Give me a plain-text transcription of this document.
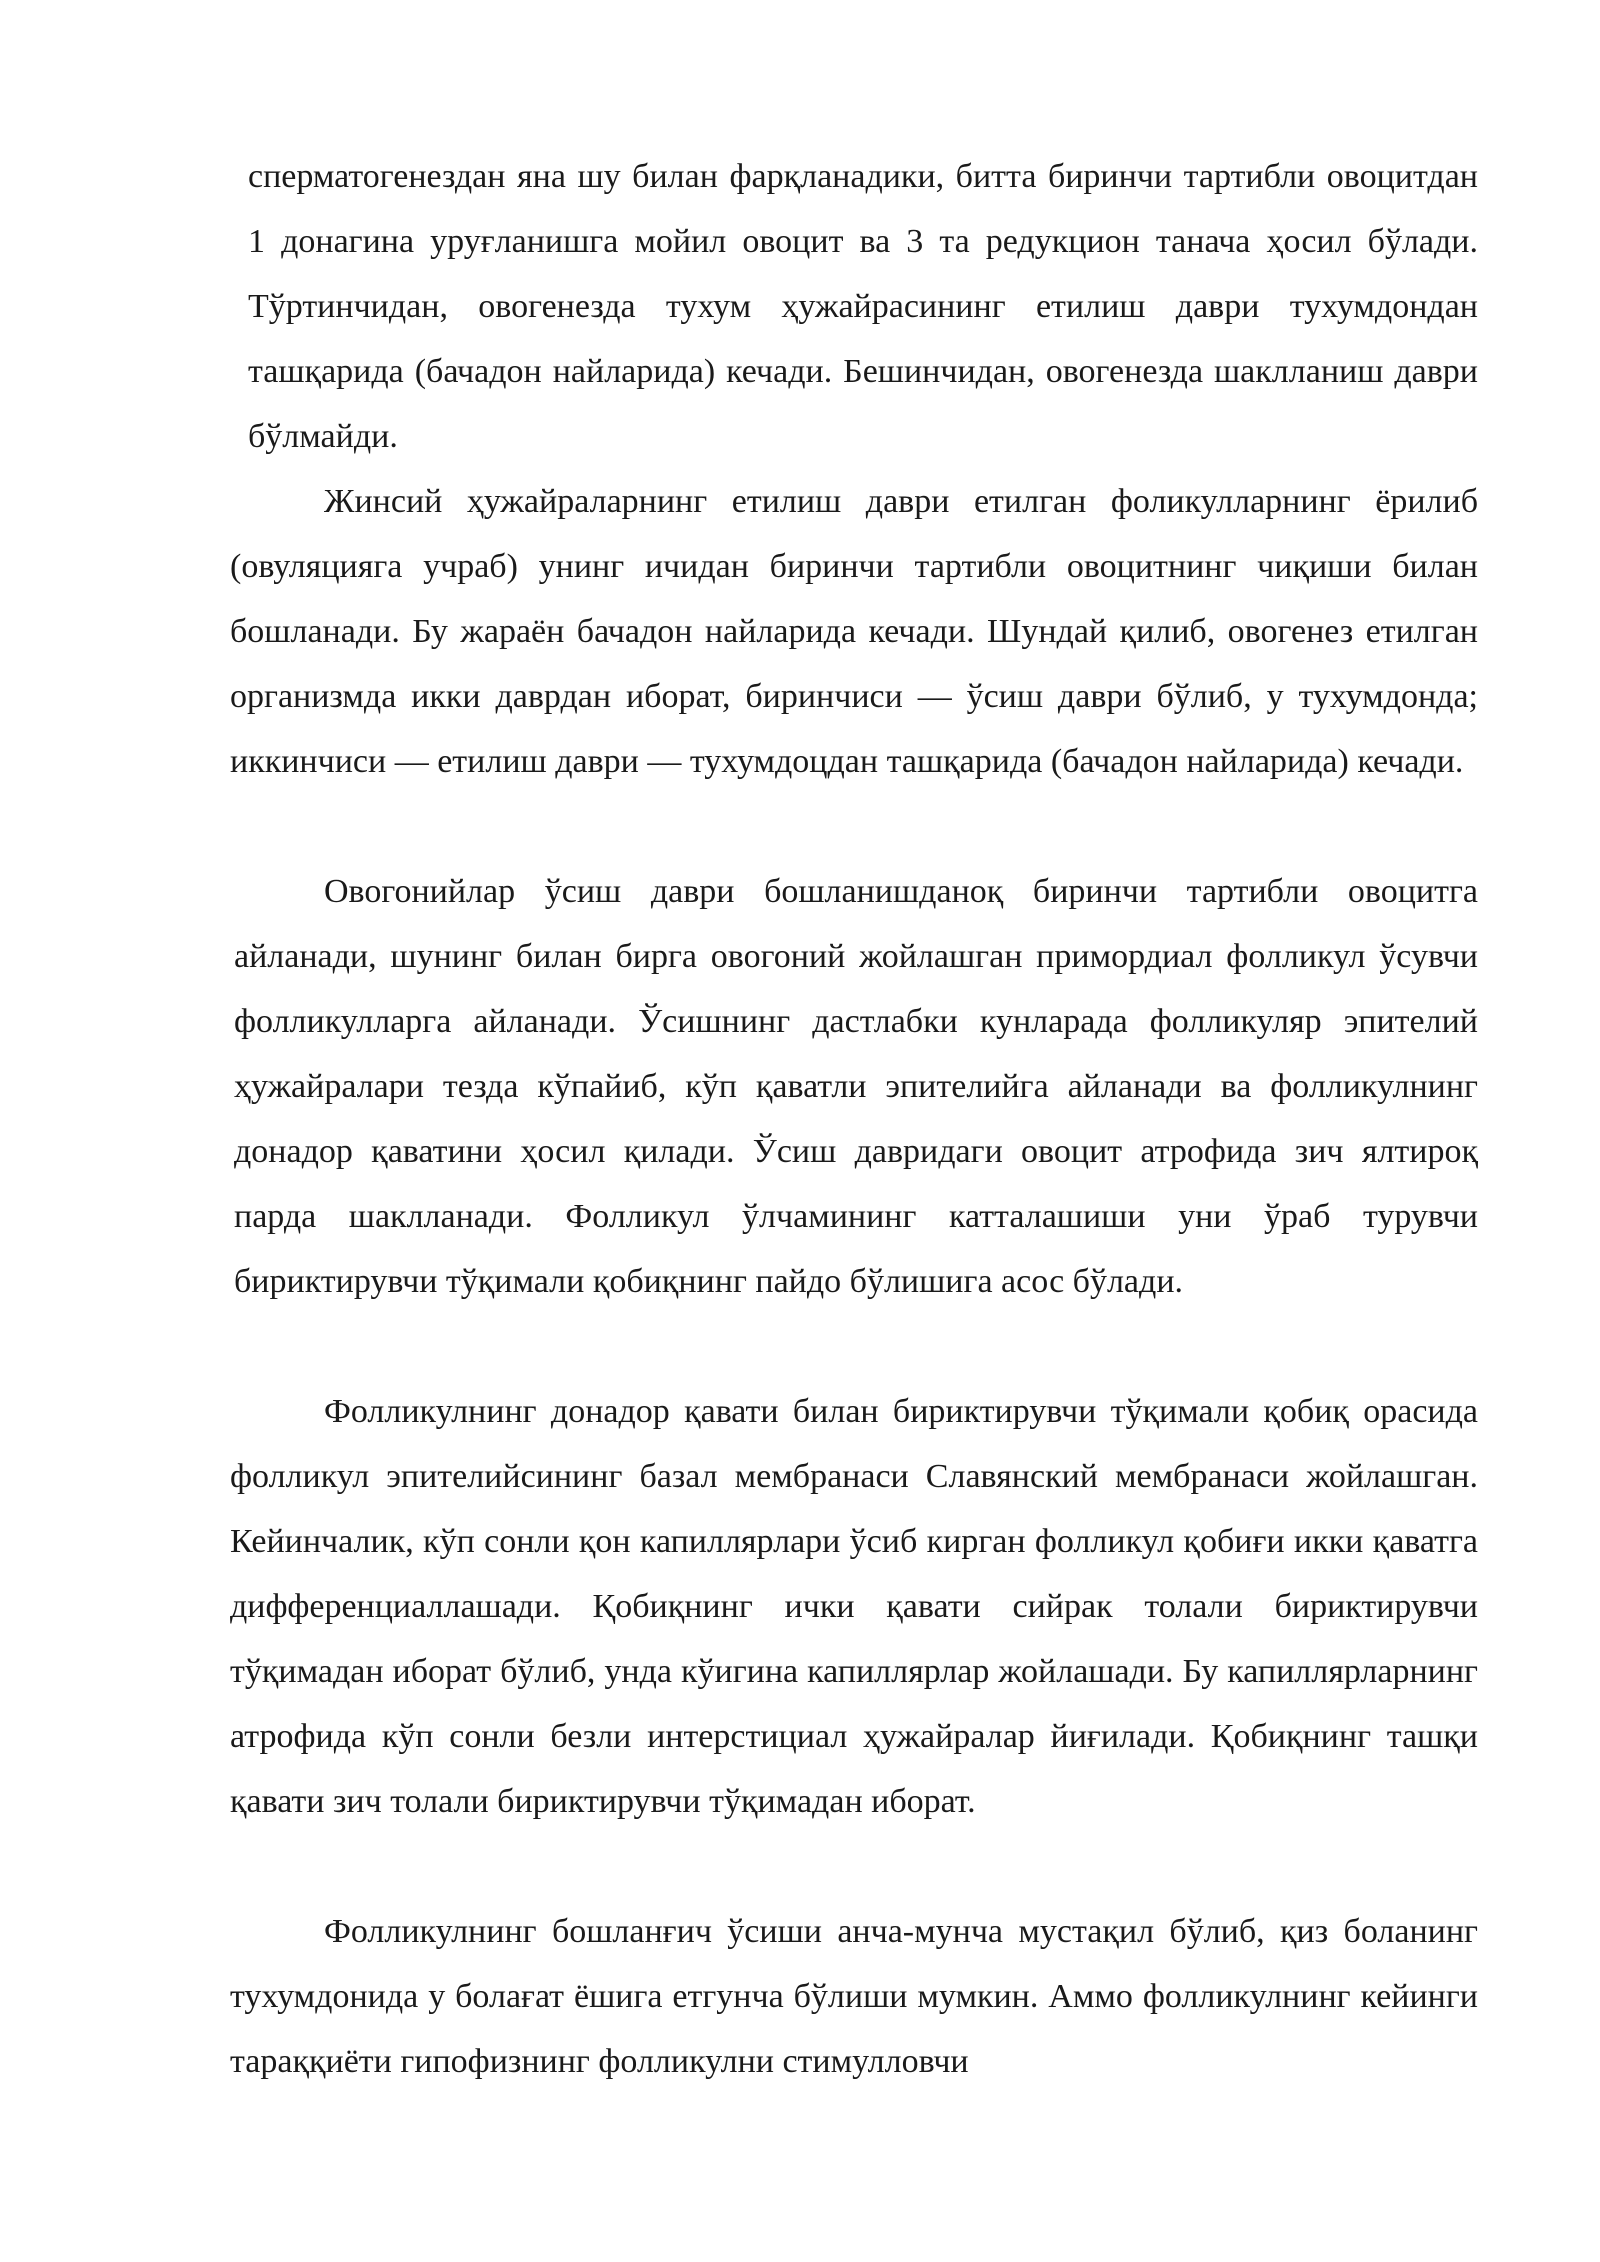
сперматогенездан яна шу билан фарқланадики, битта биринчи тартибли овоцитдан 1 донагина уруғланишга мойил овоцит ва 3 та редукцион танача ҳосил бўлади. Тўртинчидан, овогенезда тухум ҳужайрасининг етилиш даври тухумдондан ташқарида (бачадон найларида) кечади. Бешинчидан, овогенезда шаклланиш даври бўлмайди.

Жинсий ҳужайраларнинг етилиш даври етилган фоликулларнинг ёрилиб (овуляцияга учраб) унинг ичидан биринчи тартибли овоцитнинг чиқиши билан бошланади. Бу жараён бачадон найларида кечади. Шундай қилиб, овогенез етилган организмда икки даврдан иборат, биринчиси — ўсиш даври бўлиб, у тухумдонда; иккинчиси — етилиш даври — тухумдоцдан ташқарида (бачадон найларида) кечади.

Овогонийлар ўсиш даври бошланишданоқ биринчи тартибли овоцитга айланади, шунинг билан бирга овогоний жойлашган примордиал фолликул ўсувчи фолликулларга айланади. Ўсишнинг дастлабки кунларада фолликуляр эпителий ҳужайралари тезда кўпайиб, кўп қаватли эпителийга айланади ва фолликулнинг донадор қаватини ҳосил қилади. Ўсиш давридаги овоцит атрофида зич ялтироқ парда шаклланади. Фолликул ўлчамининг катталашиши уни ўраб турувчи бириктирувчи тўқимали қобиқнинг пайдо бўлишига асос бўлади.

Фолликулнинг донадор қавати билан бириктирувчи тўқимали қобиқ орасида фолликул эпителийсининг базал мембранаси Славянский мембранаси жойлашган. Кейинчалик, кўп сонли қон капиллярлари ўсиб кирган фолликул қобиғи икки қаватга дифференциаллашади. Қобиқнинг ички қавати сийрак толали бириктирувчи тўқимадан иборат бўлиб, унда кўигина капиллярлар жойлашади. Бу капиллярларнинг атрофида кўп сонли безли интерстициал ҳужайралар йиғилади. Қобиқнинг ташқи қавати зич толали бириктирувчи тўқимадан иборат.

Фолликулнинг бошланғич ўсиши анча-мунча мустақил бўлиб, қиз боланинг тухумдонида у болағат ёшига етгунча бўлиши мумкин. Аммо фолликулнинг кейинги тараққиёти гипофизнинг фолликулни стимулловчи
